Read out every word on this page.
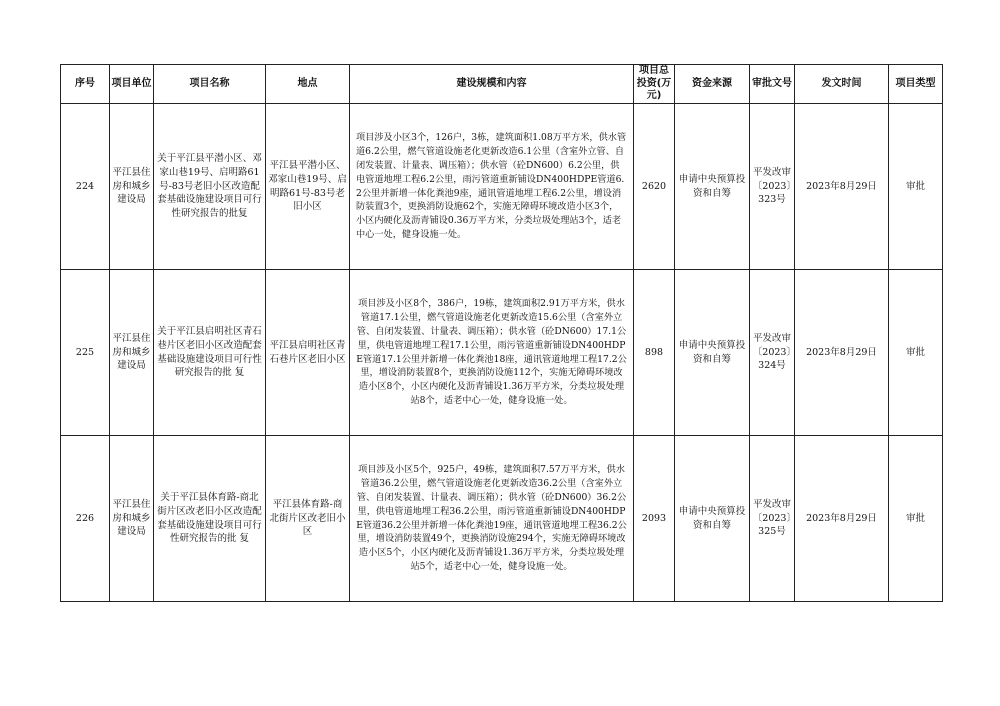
序号	项目单位	项目名称	地点	建设规模和内容	项目总投资(万元)	资金来源	审批文号	发文时间	项目类型
224	平江县住房和城乡建设局	关于平江县平潜小区、邓家山巷19号、启明路61号-83号老旧小区改造配套基础设施建设项目可行性研究报告的批复	平江县平潜小区、邓家山巷19号、启明路61号-83号老旧小区	项目涉及小区3个，126户，3栋，建筑面积1.08万平方米，供水管道6.2公里，燃气管道设施老化更新改造6.1公里（含室外立管、自闭发装置、计量表、调压箱）；供水管（砼DN600）6.2公里，供电管道地埋工程6.2公里，雨污管道重新铺设DN400HDPE管道6.2公里并新增一体化粪池9座，通讯管道地埋工程6.2公里，增设消防装置3个，更换消防设施62个，实施无障碍环境改造小区3个，小区内硬化及沥青铺设0.36万平方米，分类垃圾处理站3个，适老中心一处，健身设施一处。	2620	申请中央预算投资和自筹	平发改审〔2023〕323号	2023年8月29日	审批
225	平江县住房和城乡建设局	关于平江县启明社区青石巷片区老旧小区改造配套基础设施建设项目可行性研究报告的批 复	平江县启明社区青石巷片区老旧小区	项目涉及小区8个，386户，19栋，建筑面积2.91万平方米，供水管道17.1公里，燃气管道设施老化更新改造15.6公里（含室外立管、自闭发装置、计量表、调压箱）；供水管（砼DN600）17.1公里，供电管道地埋工程17.1公里，雨污管道重新铺设DN400HDPE管道17.1公里并新增一体化粪池18座，通讯管道地埋工程17.2公里，增设消防装置8个，更换消防设施112个，实施无障碍环境改造小区8个，小区内硬化及沥青铺设1.36万平方米，分类垃圾处理站8个，适老中心一处，健身设施一处。	898	申请中央预算投资和自筹	平发改审〔2023〕324号	2023年8月29日	审批
226	平江县住房和城乡建设局	关于平江县体育路-商北街片区改老旧小区改造配套基础设施建设项目可行性研究报告的批 复	平江县体育路-商北街片区改老旧小区	项目涉及小区5个，925户，49栋，建筑面积7.57万平方米，供水管道36.2公里，燃气管道设施老化更新改造36.2公里（含室外立管、自闭发装置、计量表、调压箱）；供水管（砼DN600）36.2公里，供电管道地埋工程36.2公里，雨污管道重新铺设DN400HDPE管道36.2公里并新增一体化粪池19座，通讯管道地埋工程36.2公里，增设消防装置49个，更换消防设施294个，实施无障碍环境改造小区5个，小区内硬化及沥青铺设1.36万平方米，分类垃圾处理站5个，适老中心一处，健身设施一处。	2093	申请中央预算投资和自筹	平发改审〔2023〕325号	2023年8月29日	审批
